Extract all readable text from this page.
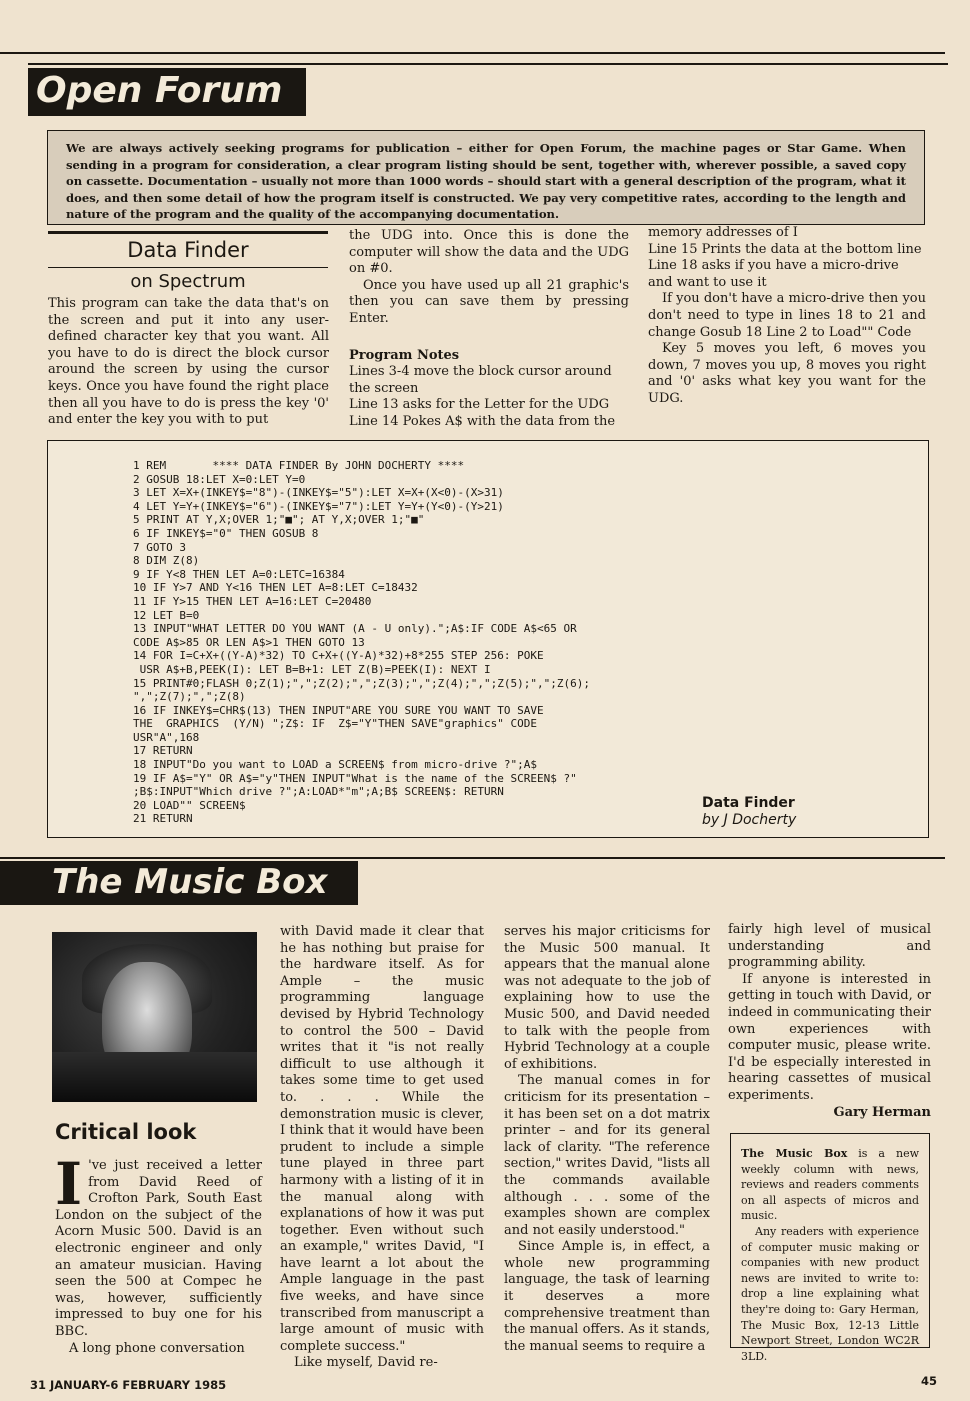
Open Forum
We are always actively seeking programs for publication – either for Open Forum, the machine pages or Star Game. When sending in a program for consideration, a clear program listing should be sent, together with, wherever possible, a saved copy on cassette. Documentation – usually not more than 1000 words – should start with a general description of the program, what it does, and then some detail of how the program itself is constructed. We pay very competitive rates, according to the length and nature of the program and the quality of the accompanying documentation.
Data Finder
on Spectrum

This program can take the data that's on the screen and put it into any user-defined character key that you want. All you have to do is direct the block cursor around the screen by using the cursor keys. Once you have found the right place then all you have to do is press the key '0' and enter the key you with to put

the UDG into. Once this is done the computer will show the data and the UDG on #0.

Once you have used up all 21 graphic's then you can save them by pressing Enter.

Program Notes

Lines 3-4 move the block cursor around the screen

Line 13 asks for the Letter for the UDG

Line 14 Pokes A$ with the data from the

memory addresses of I

Line 15 Prints the data at the bottom line

Line 18 asks if you have a micro-drive and want to use it

If you don't have a micro-drive then you don't need to type in lines 18 to 21 and change Gosub 18 Line 2 to Load"" Code

Key 5 moves you left, 6 moves you down, 7 moves you up, 8 moves you right and '0' asks what key you want for the UDG.

1 REM       **** DATA FINDER By JOHN DOCHERTY ****
2 GOSUB 18:LET X=0:LET Y=0
3 LET X=X+(INKEY$="8")-(INKEY$="5"):LET X=X+(X<0)-(X>31)
4 LET Y=Y+(INKEY$="6")-(INKEY$="7"):LET Y=Y+(Y<0)-(Y>21)
5 PRINT AT Y,X;OVER 1;"■"; AT Y,X;OVER 1;"■"
6 IF INKEY$="0" THEN GOSUB 8
7 GOTO 3
8 DIM Z(8)
9 IF Y<8 THEN LET A=0:LETC=16384
10 IF Y>7 AND Y<16 THEN LET A=8:LET C=18432
11 IF Y>15 THEN LET A=16:LET C=20480
12 LET B=0
13 INPUT"WHAT LETTER DO YOU WANT (A - U only).";A$:IF CODE A$<65 OR
CODE A$>85 OR LEN A$>1 THEN GOTO 13
14 FOR I=C+X+((Y-A)*32) TO C+X+((Y-A)*32)+8*255 STEP 256: POKE
USR A$+B,PEEK(I): LET B=B+1: LET Z(B)=PEEK(I): NEXT I
15 PRINT#0;FLASH 0;Z(1);",";Z(2);",";Z(3);",";Z(4);",";Z(5);",";Z(6);
",";Z(7);",";Z(8)
16 IF INKEY$=CHR$(13) THEN INPUT"ARE YOU SURE YOU WANT TO SAVE
THE  GRAPHICS  (Y/N) ";Z$: IF  Z$="Y"THEN SAVE"graphics" CODE
USR"A",168
17 RETURN
18 INPUT"Do you want to LOAD a SCREEN$ from micro-drive ?";A$
19 IF A$="Y" OR A$="y"THEN INPUT"What is the name of the SCREEN$ ?"
;B$:INPUT"Which drive ?";A:LOAD*"m";A;B$ SCREEN$: RETURN
20 LOAD"" SCREEN$
21 RETURN
Data Finder
by J Docherty
The Music Box
Critical look

I 've just received a letter from David Reed of Crofton Park, South East London on the subject of the Acorn Music 500. David is an electronic engineer and only an amateur musician. Having seen the 500 at Compec he was, however, sufficiently impressed to buy one for his BBC.

A long phone conversation

with David made it clear that he has nothing but praise for the hardware itself. As for Ample – the music programming language devised by Hybrid Technology to control the 500 – David writes that it "is not really difficult to use although it takes some time to get used to. . . . While the demonstration music is clever, I think that it would have been prudent to include a simple tune played in three part harmony with a listing of it in the manual along with explanations of how it was put together. Even without such an example," writes David, "I have learnt a lot about the Ample language in the past five weeks, and have since transcribed from manuscript a large amount of music with complete success."

Like myself, David re-

serves his major criticisms for the Music 500 manual. It appears that the manual alone was not adequate to the job of explaining how to use the Music 500, and David needed to talk with the people from Hybrid Technology at a couple of exhibitions.

The manual comes in for criticism for its presentation – it has been set on a dot matrix printer – and for its general lack of clarity. "The reference section," writes David, "lists all the commands available although . . . some of the examples shown are complex and not easily understood."

Since Ample is, in effect, a whole new programming language, the task of learning it deserves a more comprehensive treatment than the manual offers. As it stands, the manual seems to require a

fairly high level of musical understanding and programming ability.

If anyone is interested in getting in touch with David, or indeed in communicating their own experiences with computer music, please write. I'd be especially interested in hearing cassettes of musical experiments.

Gary Herman

The Music Box is a new weekly column with news, reviews and readers comments on all aspects of micros and music.

Any readers with experience of computer music making or companies with new product news are invited to write to: drop a line explaining what they're doing to: Gary Herman, The Music Box, 12-13 Little Newport Street, London WC2R 3LD.

31 JANUARY-6 FEBRUARY 1985	45
